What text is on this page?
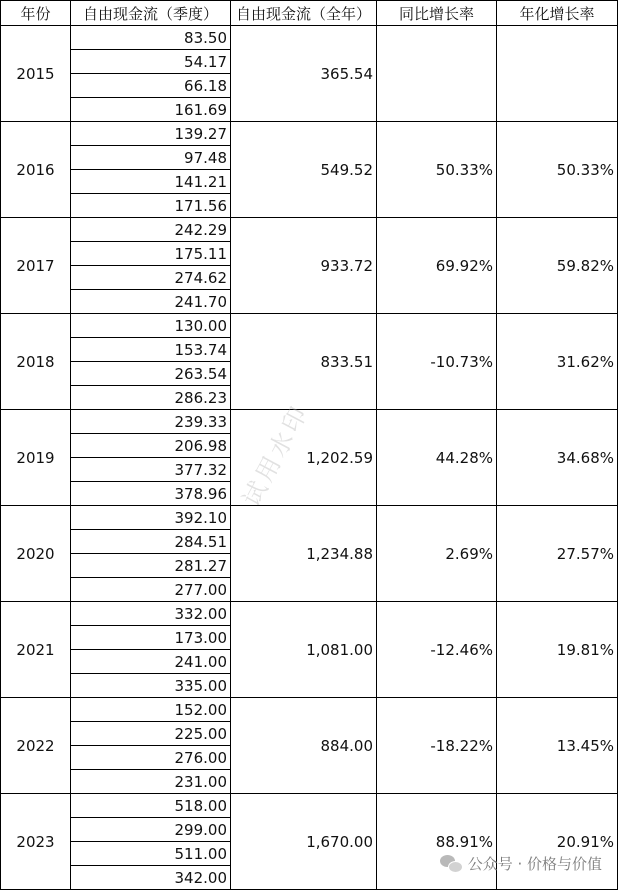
年份	自由现金流（季度）	自由现金流（全年）	同比增长率	年化增长率
2015	83.50	365.54		
	54.17			
	66.18			
	161.69			
2016	139.27	549.52	50.33%	50.33%
	97.48			
	141.21			
	171.56			
2017	242.29	933.72	69.92%	59.82%
	175.11			
	274.62			
	241.70			
2018	130.00	833.51	-10.73%	31.62%
	153.74			
	263.54			
	286.23			
2019	239.33	1,202.59	44.28%	34.68%
	206.98			
	377.32			
	378.96			
2020	392.10	1,234.88	2.69%	27.57%
	284.51			
	281.27			
	277.00			
2021	332.00	1,081.00	-12.46%	19.81%
	173.00			
	241.00			
	335.00			
2022	152.00	884.00	-18.22%	13.45%
	225.00			
	276.00			
	231.00			
2023	518.00	1,670.00	88.91%	20.91%
	299.00			
	511.00			
	342.00			
试用水印
公众号 · 价格与价值
